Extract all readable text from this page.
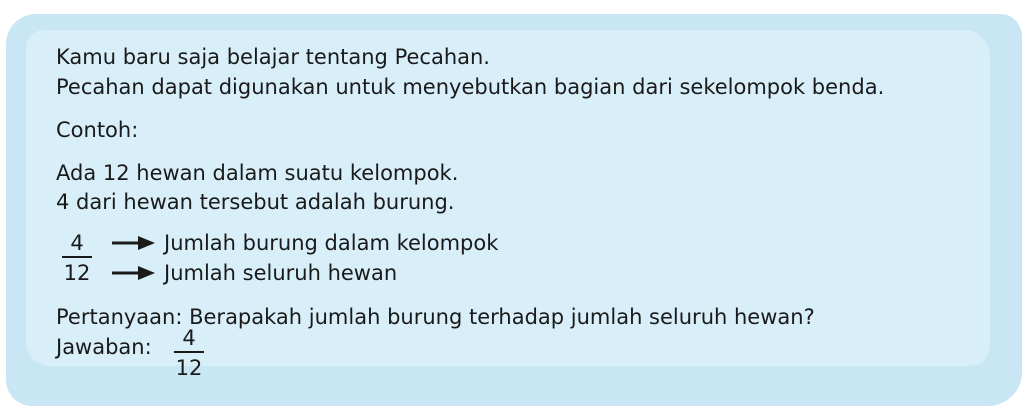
Kamu baru saja belajar tentang Pecahan.
Pecahan dapat digunakan untuk menyebutkan bagian dari sekelompok benda.
Contoh:
Ada 12 hewan dalam suatu kelompok.
4 dari hewan tersebut adalah burung.
4
12
Jumlah burung dalam kelompok
Jumlah seluruh hewan
Pertanyaan: Berapakah jumlah burung terhadap jumlah seluruh hewan?
Jawaban:	4
12
